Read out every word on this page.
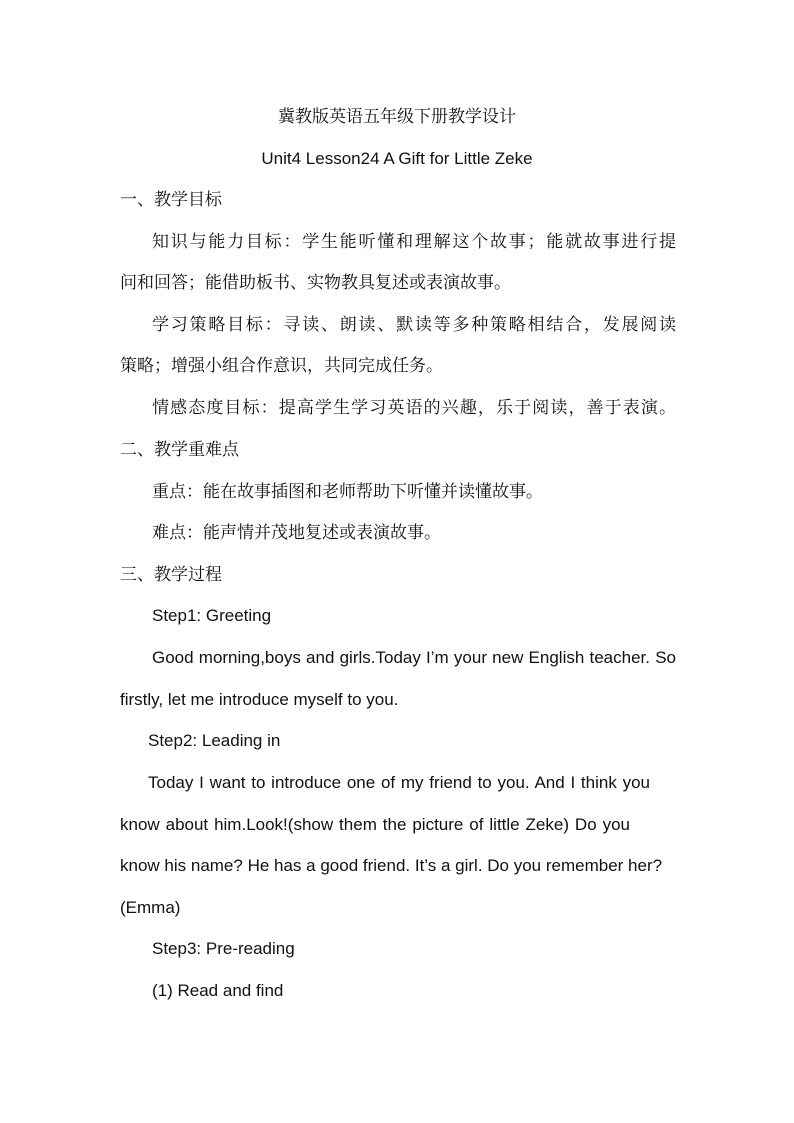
冀教版英语五年级下册教学设计
Unit4 Lesson24 A Gift for Little Zeke
一、教学目标
知识与能力目标：学生能听懂和理解这个故事；能就故事进行提
问和回答；能借助板书、实物教具复述或表演故事。
学习策略目标：寻读、朗读、默读等多种策略相结合，发展阅读
策略；增强小组合作意识，共同完成任务。
情感态度目标：提高学生学习英语的兴趣，乐于阅读，善于表演。
二、教学重难点
重点：能在故事插图和老师帮助下听懂并读懂故事。
难点：能声情并茂地复述或表演故事。
三、教学过程
Step1: Greeting
Good morning,boys and girls.Today I’m your new English teacher. So
firstly, let me introduce myself to you.
Step2: Leading in
Today I want to introduce one of my friend to you. And I think you
know about him.Look!(show them the picture of little Zeke) Do you
know his name? He has a good friend. It’s a girl. Do you remember her?
(Emma)
Step3: Pre-reading
(1) Read and find
